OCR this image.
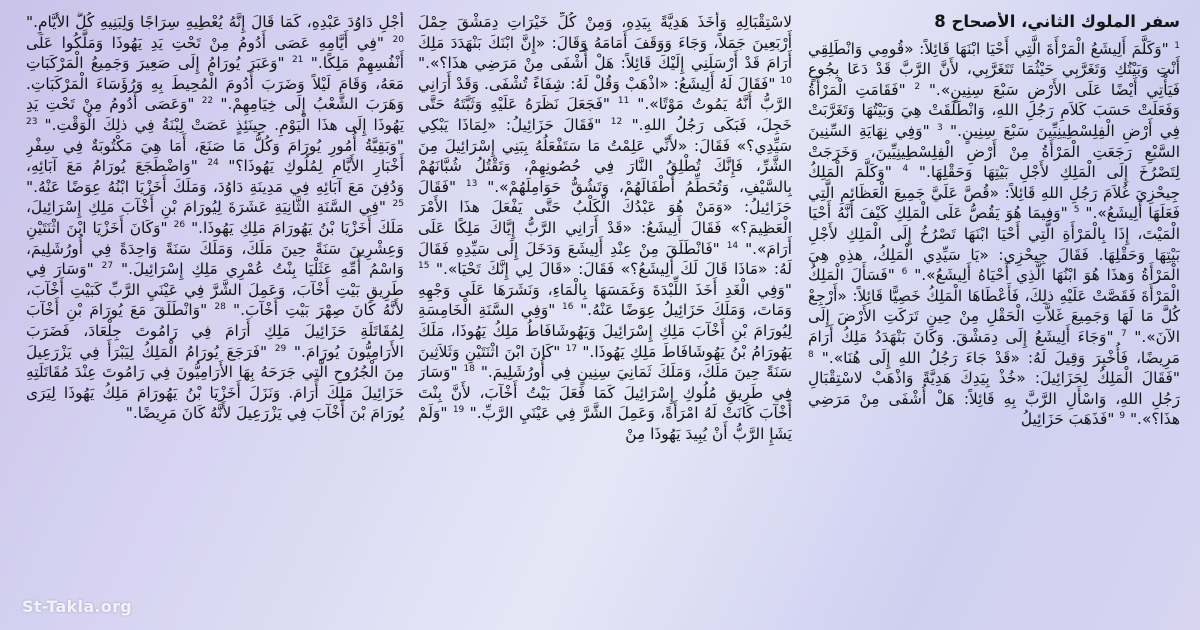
سفر الملوك الثاني، الأصحاح 8

$^1$ "وَكَلَّمَ أَلِيشَعُ الْمَرْأَةَ الَّتِي أَحْيَا ابْنَهَا قَائِلاً: «قُومِي وَانْطَلِقِي أَنْتِ وَبَيْتُكِ وَتَغَرَّبِي حَيْثُمَا تَتَغَرَّبِي، لأَنَّ الرَّبَّ قَدْ دَعَا بِجُوعٍ فَيَأْتِي أَيْضًا عَلَى الأَرْضِ سَبْعَ سِنِينٍ»." $^2$ "فَقَامَتِ الْمَرْأَةُ وَفَعَلَتْ حَسَبَ كَلاَمِ رَجُلِ اللهِ، وَانْطَلَقَتْ هِيَ وَبَيْتُهَا وَتَغَرَّبَتْ فِي أَرْضِ الْفِلِسْطِينِيِّينَ سَبْعَ سِنِينٍ." $^3$ "وَفِي نِهَايَةِ السِّنِينَ السَّبْعِ رَجَعَتِ الْمَرْأَةُ مِنْ أَرْضِ الْفِلِسْطِينِيِّينَ، وَخَرَجَتْ لِتَصْرُخَ إِلَى الْمَلِكِ لأَجْلِ بَيْتِهَا وَحَقْلِهَا." $^4$ "وَكَلَّمَ الْمَلِكُ جِيحْزِيَ غُلاَمَ رَجُلِ اللهِ قَائِلاً: «قُصَّ عَلَيَّ جَمِيعَ الْعَظَائِمِ الَّتِي فَعَلَهَا أَلِيشَعُ»." $^5$ "وَفِيمَا هُوَ يَقُصُّ عَلَى الْمَلِكِ كَيْفَ أَنَّهُ أَحْيَا الْمَيْتَ، إِذَا بِالْمَرْأَةِ الَّتِي أَحْيَا ابْنَهَا تَصْرُخُ إِلَى الْمَلِكِ لأَجْلِ بَيْتِهَا وَحَقْلِهَا. فَقَالَ جِيحْزِي: «يَا سَيِّدِي الْمَلِكُ، هذِهِ هِيَ الْمَرْأَةُ وَهذَا هُوَ ابْنُهَا الَّذِي أَحْيَاهُ أَلِيشَعُ»." $^6$ "فَسَأَلَ الْمَلِكُ الْمَرْأَةَ فَقَصَّتْ عَلَيْهِ ذلِكَ، فَأَعْطَاهَا الْمَلِكُ خَصِيًّا قَائِلاً: «أَرْجِعْ كُلَّ مَا لَهَا وَجَمِيعَ غَلاَّتِ الْحَقْلِ مِنْ حِينِ تَرَكَتِ الأَرْضَ إِلَى الآنَ»." $^7$ "وَجَاءَ أَلِيشَعُ إِلَى دِمَشْقَ. وَكَانَ بَنْهَدَدُ مَلِكُ أَرَامَ مَرِيضًا، فَأُخْبِرَ وَقِيلَ لَهُ: «قَدْ جَاءَ رَجُلُ اللهِ إِلَى هُنَا»." $^8$ "فَقَالَ الْمَلِكُ لِحَزَائِيلَ: «خُذْ بِيَدِكَ هَدِيَّةً وَاذْهَبْ لاسْتِقْبَالِ رَجُلِ اللهِ، وَاسْأَلِ الرَّبَّ بِهِ قَائِلاً: هَلْ أُشْفَى مِنْ مَرَضِي هذَا؟»." $^9$ "فَذَهَبَ حَزَائِيلُ

لاسْتِقْبَالِهِ وَأَخَذَ هَدِيَّةً بِيَدِهِ، وَمِنْ كُلِّ خَيْرَاتِ دِمَشْقَ حِمْلَ أَرْبَعِينَ جَمَلاً، وَجَاءَ وَوَقَفَ أَمَامَهُ وَقَالَ: «إِنَّ ابْنَكَ بَنْهَدَدَ مَلِكَ أَرَامَ قَدْ أَرْسَلَنِي إِلَيْكَ قَائِلاً: هَلْ أُشْفَى مِنْ مَرَضِي هذَا؟»." $^{10}$ "فَقَالَ لَهُ أَلِيشَعُ: «اذْهَبْ وَقُلْ لَهُ: شِفَاءً تُشْفَى. وَقَدْ أَرَانِي الرَّبُّ أَنَّهُ يَمُوتُ مَوْتًا»." $^{11}$ "فَجَعَلَ نَظَرَهُ عَلَيْهِ وَثَبَّتَهُ حَتَّى خَجِلَ، فَبَكَى رَجُلُ اللهِ." $^{12}$ "فَقَالَ حَزَائِيلُ: «لِمَاذَا يَبْكِي سَيِّدِي؟» فَقَالَ: «لأَنِّي عَلِمْتُ مَا سَتَفْعَلُهُ بِبَنِي إِسْرَائِيلَ مِنَ الشَّرِّ، فَإِنَّكَ تُطْلِقُ النَّارَ فِي حُصُونِهِمْ، وَتَقْتُلُ شُبَّانَهُمْ بِالسَّيْفِ، وَتُحَطِّمُ أَطْفَالَهُمْ، وَتَشُقُّ حَوَامِلَهُمْ»." $^{13}$ "فَقَالَ حَزَائِيلُ: «وَمَنْ هُوَ عَبْدُكَ الْكَلْبُ حَتَّى يَفْعَلَ هذَا الأَمْرَ الْعَظِيمَ؟» فَقَالَ أَلِيشَعُ: «قَدْ أَرَانِي الرَّبُّ إِيَّاكَ مَلِكًا عَلَى أَرَامَ»." $^{14}$ "فَانْطَلَقَ مِنْ عِنْدِ أَلِيشَعَ وَدَخَلَ إِلَى سَيِّدِهِ فَقَالَ لَهُ: «مَاذَا قَالَ لَكَ أَلِيشَعُ؟» فَقَالَ: «قَالَ لِي إِنَّكَ تَحْيَا»." $^{15}$ "وَفِي الْغَدِ أَخَذَ اللِّبْدَةَ وَغَمَسَهَا بِالْمَاءِ، وَنَشَرَهَا عَلَى وَجْهِهِ وَمَاتَ، وَمَلَكَ حَزَائِيلُ عِوَضًا عَنْهُ." $^{16}$ "وَفِي السَّنَةِ الْخَامِسَةِ لِيُورَامَ بْنِ أَخْآبَ مَلِكِ إِسْرَائِيلَ وَيَهُوشَافَاطُ مَلِكُ يَهُوذَا، مَلَكَ يَهُورَامُ بْنُ يَهُوشَافَاطَ مَلِكِ يَهُوذَا." $^{17}$ "كَانَ ابْنَ اثْنَتَيْنِ وَثَلاَثِينَ سَنَةً حِينَ مَلَكَ، وَمَلَكَ ثَمَانِيَ سِنِينٍ فِي أُورُشَلِيمَ." $^{18}$ "وَسَارَ فِي طَرِيقِ مُلُوكِ إِسْرَائِيلَ كَمَا فَعَلَ بَيْتُ أَخْآبَ، لأَنَّ بِنْتَ أَخْآبَ كَانَتْ لَهُ امْرَأَةً، وَعَمِلَ الشَّرَّ فِي عَيْنَيِ الرَّبِّ." $^{19}$ "وَلَمْ يَشَإِ الرَّبُّ أَنْ يُبِيدَ يَهُوذَا مِنْ

أَجْلِ دَاوُدَ عَبْدِهِ، كَمَا قَالَ إِنَّهُ يُعْطِيهِ سِرَاجًا وَلِبَنِيهِ كُلَّ الأَيَّامِ." $^{20}$ "فِي أَيَّامِهِ عَصَى أَدُومُ مِنْ تَحْتِ يَدِ يَهُوذَا وَمَلَّكُوا عَلَى أَنْفُسِهِمْ مَلِكًا." $^{21}$ "وَعَبَرَ يُورَامُ إِلَى صَعِيرَ وَجَمِيعُ الْمَرْكَبَاتِ مَعَهُ، وَقَامَ لَيْلاً وَضَرَبَ أَدُومَ الْمُحِيطَ بِهِ وَرُؤَسَاءَ الْمَرْكَبَاتِ. وَهَرَبَ الشَّعْبُ إِلَى خِيَامِهِمْ." $^{22}$ "وَعَصَى أَدُومُ مِنْ تَحْتِ يَدِ يَهُوذَا إِلَى هذَا الْيَوْمِ. حِينَئِذٍ عَصَتْ لِبْنَةُ فِي ذلِكَ الْوَقْتِ." $^{23}$ "وَبَقِيَّةُ أُمُورِ يُورَامَ وَكُلُّ مَا صَنَعَ، أَمَا هِيَ مَكْتُوبَةٌ فِي سِفْرِ أَخْبَارِ الأَيَّامِ لِمُلُوكِ يَهُوذَا؟" $^{24}$ "وَاضْطَجَعَ يُورَامُ مَعَ آبَائِهِ، وَدُفِنَ مَعَ آبَائِهِ فِي مَدِينَةِ دَاوُدَ، وَمَلَكَ أَخَزْيَا ابْنُهُ عِوَضًا عَنْهُ." $^{25}$ "فِي السَّنَةِ الثَّانِيَةِ عَشَرَةَ لِيُورَامَ بْنِ أَخْآبَ مَلِكِ إِسْرَائِيلَ، مَلَكَ أَخَزْيَا بْنُ يَهُورَامَ مَلِكِ يَهُوذَا." $^{26}$ "وَكَانَ أَخَزْيَا ابْنَ اثْنَتَيْنِ وَعِشْرِينَ سَنَةً حِينَ مَلَكَ، وَمَلَكَ سَنَةً وَاحِدَةً فِي أُورُشَلِيمَ، وَاسْمُ أُمِّهِ عَثَلْيَا بِنْتُ عُمْرِي مَلِكِ إِسْرَائِيلَ." $^{27}$ "وَسَارَ فِي طَرِيقِ بَيْتِ أَخْآبَ، وَعَمِلَ الشَّرَّ فِي عَيْنَيِ الرَّبِّ كَبَيْتِ أَخْآبَ، لأَنَّهُ كَانَ صِهْرَ بَيْتِ أَخْآبَ." $^{28}$ "وَانْطَلَقَ مَعَ يُورَامَ بْنِ أَخْآبَ لِمُقَاتَلَةِ حَزَائِيلَ مَلِكِ أَرَامَ فِي رَامُوتَ جِلْعَادَ، فَضَرَبَ الأَرَامِيُّونَ يُورَامَ." $^{29}$ "فَرَجَعَ يُورَامُ الْمَلِكُ لِيَبْرَأَ فِي يَزْرَعِيلَ مِنَ الْجُرُوحِ الَّتِي جَرَحَهُ بِهَا الأَرَامِيُّونَ فِي رَامُوتَ عِنْدَ مُقَاتَلَتِهِ حَزَائِيلَ مَلِكَ أَرَامَ. وَنَزَلَ أَخَزْيَا بْنُ يَهُورَامَ مَلِكُ يَهُوذَا لِيَرَى يُورَامَ بْنَ أَخْآبَ فِي يَزْرَعِيلَ لأَنَّهُ كَانَ مَرِيضًا."

St-Takla.org
